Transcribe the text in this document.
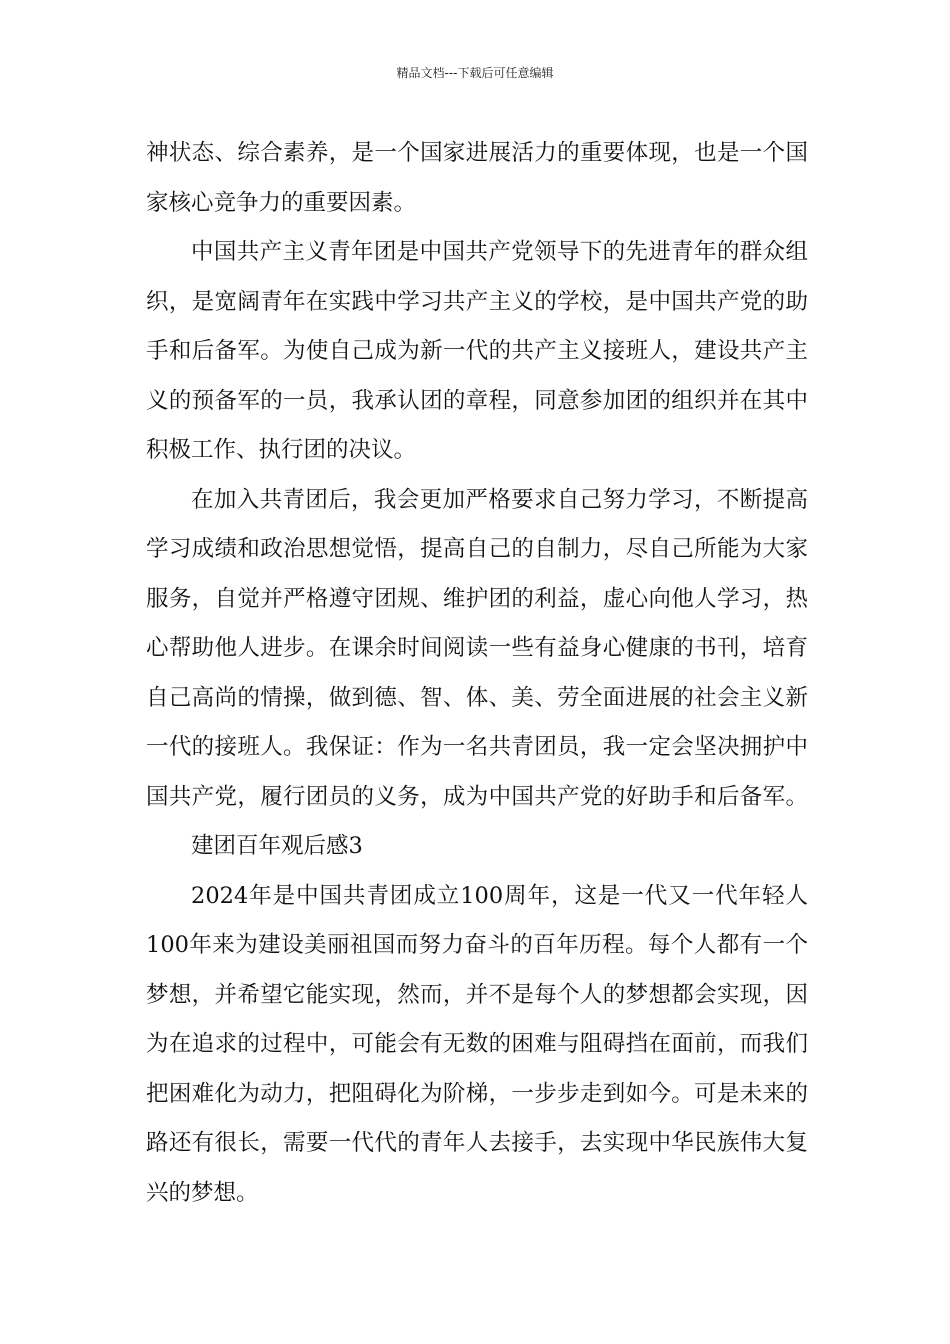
精品文档---下载后可任意编辑
神状态、综合素养，是一个国家进展活力的重要体现，也是一个国
家核心竞争力的重要因素。
中国共产主义青年团是中国共产党领导下的先进青年的群众组
织，是宽阔青年在实践中学习共产主义的学校，是中国共产党的助
手和后备军。为使自己成为新一代的共产主义接班人，建设共产主
义的预备军的一员，我承认团的章程，同意参加团的组织并在其中
积极工作、执行团的决议。
在加入共青团后，我会更加严格要求自己努力学习，不断提高
学习成绩和政治思想觉悟，提高自己的自制力，尽自己所能为大家
服务，自觉并严格遵守团规、维护团的利益，虚心向他人学习，热
心帮助他人进步。在课余时间阅读一些有益身心健康的书刊，培育
自己高尚的情操，做到德、智、体、美、劳全面进展的社会主义新
一代的接班人。我保证：作为一名共青团员，我一定会坚决拥护中
国共产党，履行团员的义务，成为中国共产党的好助手和后备军。
建团百年观后感3
2024年是中国共青团成立100周年，这是一代又一代年轻人
100年来为建设美丽祖国而努力奋斗的百年历程。每个人都有一个
梦想，并希望它能实现，然而，并不是每个人的梦想都会实现，因
为在追求的过程中，可能会有无数的困难与阻碍挡在面前，而我们
把困难化为动力，把阻碍化为阶梯，一步步走到如今。可是未来的
路还有很长，需要一代代的青年人去接手，去实现中华民族伟大复
兴的梦想。
